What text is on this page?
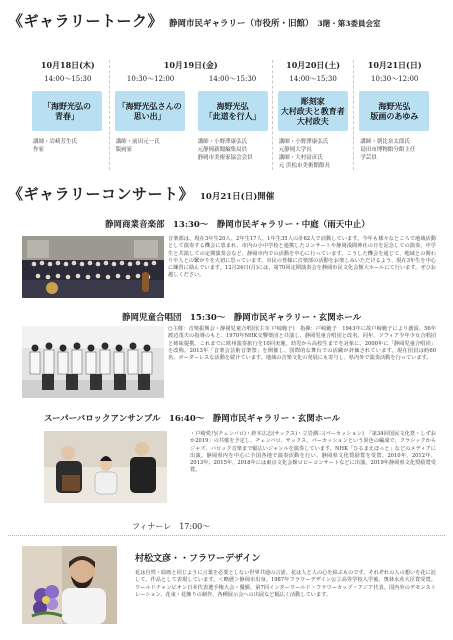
《ギャラリートーク》 静岡市民ギャラリー（市役所・旧館） 3階・第3委員会室
10月18日(木)
14:00〜15:30
「海野光弘の
青春」
講師・岩崎芳生氏
作家
10月19日(金)
10:30〜12:00
「海野光弘さんの
思い出」
講師・前田元一氏
版画家
14:00〜15:30
海野光弘
「此道を行人」
講師・小野澤康弘氏
元静岡新聞編集局員
静岡市美術家協会会員
10月20日(土)
14:00〜15:30
彫刻家
大村政夫と教育者
大村政夫
講師・小野澤康弘氏
元静岡大学長
講師・大村富彦氏
元 浜松市美術館館長
10月21日(日)
10:30〜12:00
海野光弘
版画のあゆみ
講師・朝比奈太郎氏
島田市博物館分館主任
学芸員
《ギャラリーコンサート》 10月21日(日)開催
静岡商業音楽部　13:30〜　静岡市民ギャラリー・中庭（雨天中止）
音楽部は、現在3年生20人、2年生17人、1年生35人の計62人で活動しています。今年も様々なところで地域活動として演奏する機会に恵まれ、市内の小中学校と連携したコンサートや静岡浅間神社の日を記念しての演奏、中学生と共演しての定期演奏会など、静岡市内での活動を中心に行っています。こうした機会を通じて、地域との関わりや人との繋がりを大切に思っています。市民の皆様に音楽部の活動をお楽しみいただけるよう、現在3年生を中心に練習に励んでいます。12月24日(月)には、第70回定期演奏会を静岡市民文化会館大ホールにて行います。ぜひお越しください。
静岡児童合唱団　15:30〜　静岡市民ギャラリー・玄関ホール
○主催：音楽振興会・静岡児童合唱団(主宰 戸崎範子)　指揮：戸崎範子　1943年に故戸崎範子により創設。56年渡辺茂夫の指導のもと、1970年NHK交響楽団と共演し、静岡児童合唱団と改名。同年、ソフィア少年少女合唱団と姉妹提携。これまでに欧州演奏旅行を10回実施。幼児から高校生までを対象に、2000年に「静岡児童合唱団」を改称。2013年「音楽会芸術音楽祭」を開催し、国際的な舞台での活躍が評価されています。現在団員は約60名、ボーダーレスな活動を続けています。地域の音楽文化の発展にも寄与し、県内外で演奏活動を行っています。
スーパーバロックアンサンブル　16:40〜　静岡市民ギャラリー・玄関ホール
・戸崎愛乃(チェンバロ)・鈴木広志(サックス)・立岩潤三(パーカッション)　「第34回国民文化祭・しずおか2019」の共催を予定し、チェンバロ、サックス、パーカッションという異色の編成で、クラシックからジャズ、バロック音楽まで幅広いジャンルを演奏しています。NHK「ひるまえほっと」などのメディアに出演。静岡県内を中心に全国各地で演奏活動を行い、静岡県文化奨励賞を受賞。2010年、2012年、2013年、2015年、2018年には東京文化会館ロビーコンサートなどに出演。2019年静岡県文化奨励賞受賞。
フィナーレ　17:00〜
村松文彦・・フラワーデザイン
花は自然・絵画と同じように言葉を必要としない世界共通の言語。花は人と人の心を結ぶものです。それぞれの人の想いを花に託して、作品として表現しています。＜略歴＞静岡市出身。1987年フラワーデザイン公立高等学校入学後、奥林水産大臣賞受賞。ワールドチャンピオン日本代表選手権大会・優勝。第7回インターワールド・フラワーカップ・アジア代表。国内外のデモンストレーション、花束・花飾りの制作、各種展示会への出展など幅広く活動しています。
